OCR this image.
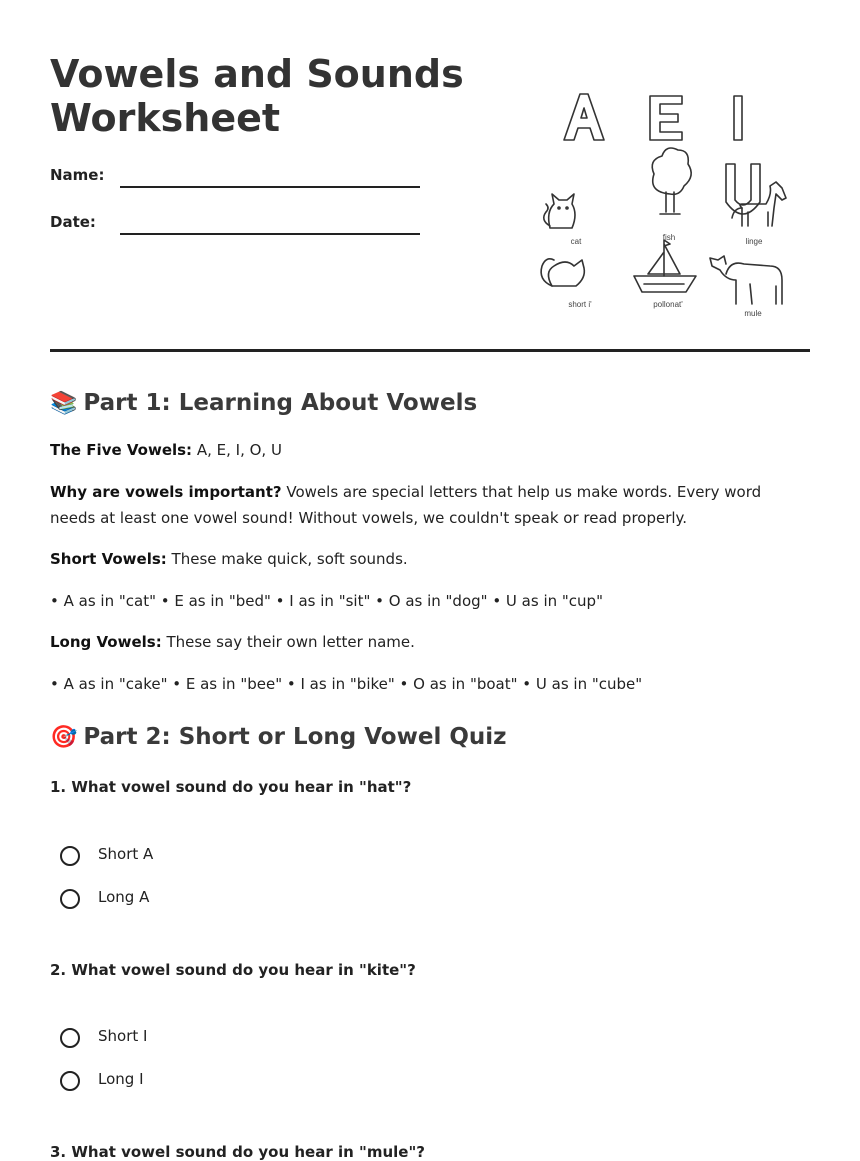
Vowels and Sounds Worksheet
Name:
Date:
cat	fish	linge
short i'	pollonat'
mule
📚 Part 1: Learning About Vowels

The Five Vowels: A, E, I, O, U

Why are vowels important? Vowels are special letters that help us make words. Every word needs at least one vowel sound! Without vowels, we couldn't speak or read properly.

Short Vowels: These make quick, soft sounds.

• A as in "cat" • E as in "bed" • I as in "sit" • O as in "dog" • U as in "cup"

Long Vowels: These say their own letter name.

• A as in "cake" • E as in "bee" • I as in "bike" • O as in "boat" • U as in "cube"

🎯 Part 2: Short or Long Vowel Quiz

1. What vowel sound do you hear in "hat"?

Short A
Long A

2. What vowel sound do you hear in "kite"?

Short I
Long I

3. What vowel sound do you hear in "mule"?
